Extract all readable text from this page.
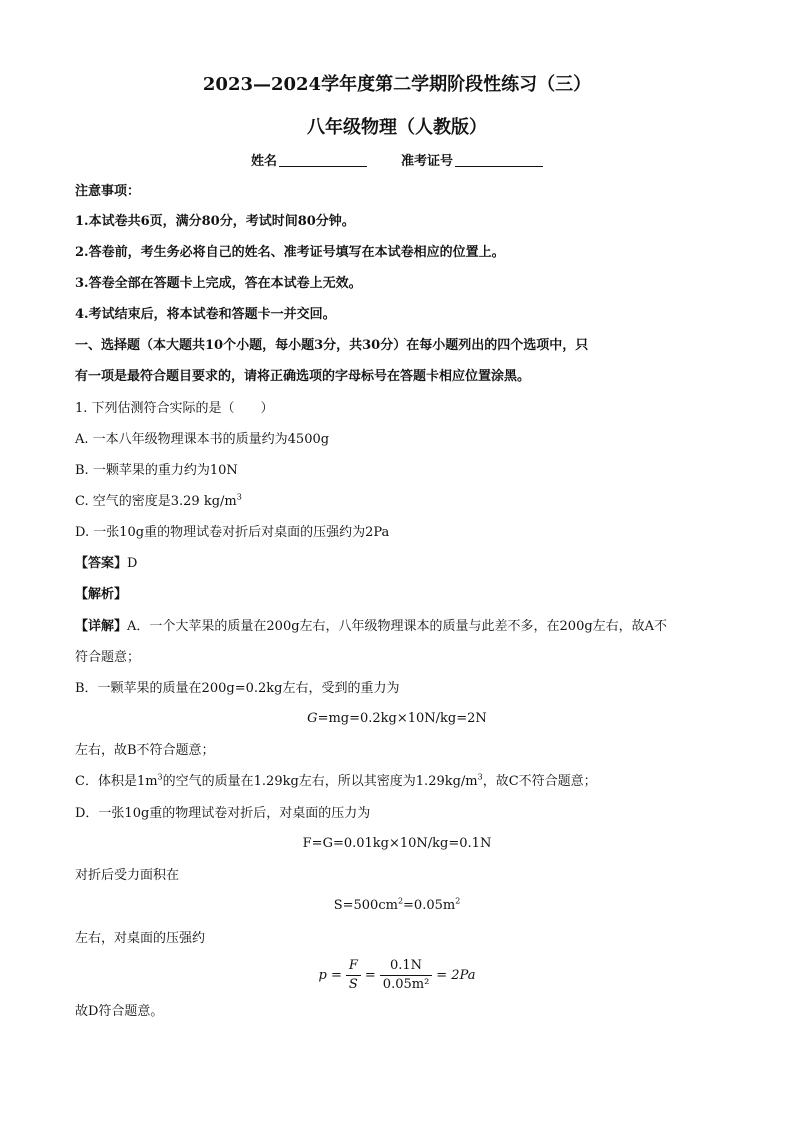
2023—2024学年度第二学期阶段性练习（三）
八年级物理（人教版）
姓名	准考证号
注意事项：
1.本试卷共6页，满分80分，考试时间80分钟。
2.答卷前，考生务必将自己的姓名、准考证号填写在本试卷相应的位置上。
3.答卷全部在答题卡上完成，答在本试卷上无效。
4.考试结束后，将本试卷和答题卡一并交回。
一、选择题（本大题共10个小题，每小题3分，共30分）在每小题列出的四个选项中，只
有一项是最符合题目要求的，请将正确选项的字母标号在答题卡相应位置涂黑。
1. 下列估测符合实际的是（　　）
A. 一本八年级物理课本书的质量约为4500g
B. 一颗苹果的重力约为10N
C. 空气的密度是3.29 $kg/m^3$
D. 一张10g重的物理试卷对折后对桌面的压强约为2Pa
【答案】D
【解析】
【详解】A．一个大苹果的质量在200g左右，八年级物理课本的质量与此差不多，在200g左右，故A不
符合题意；
B．一颗苹果的质量在200g=0.2kg左右，受到的重力为
G=mg=0.2kg×10N/kg=2N
左右，故B不符合题意；
C．体积是$1m^3$的空气的质量在1.29kg左右，所以其密度为$1.29kg/m^3$，故C不符合题意；
D．一张10g重的物理试卷对折后，对桌面的压力为
F=G=0.01kg×10N/kg=0.1N
对折后受力面积在
$S=500cm^2=0.05m^2$
左右，对桌面的压强约
$p = \frac{F}{S} = \frac{0.1N}{\text{0.05m²}} = 2Pa$
故D符合题意。
